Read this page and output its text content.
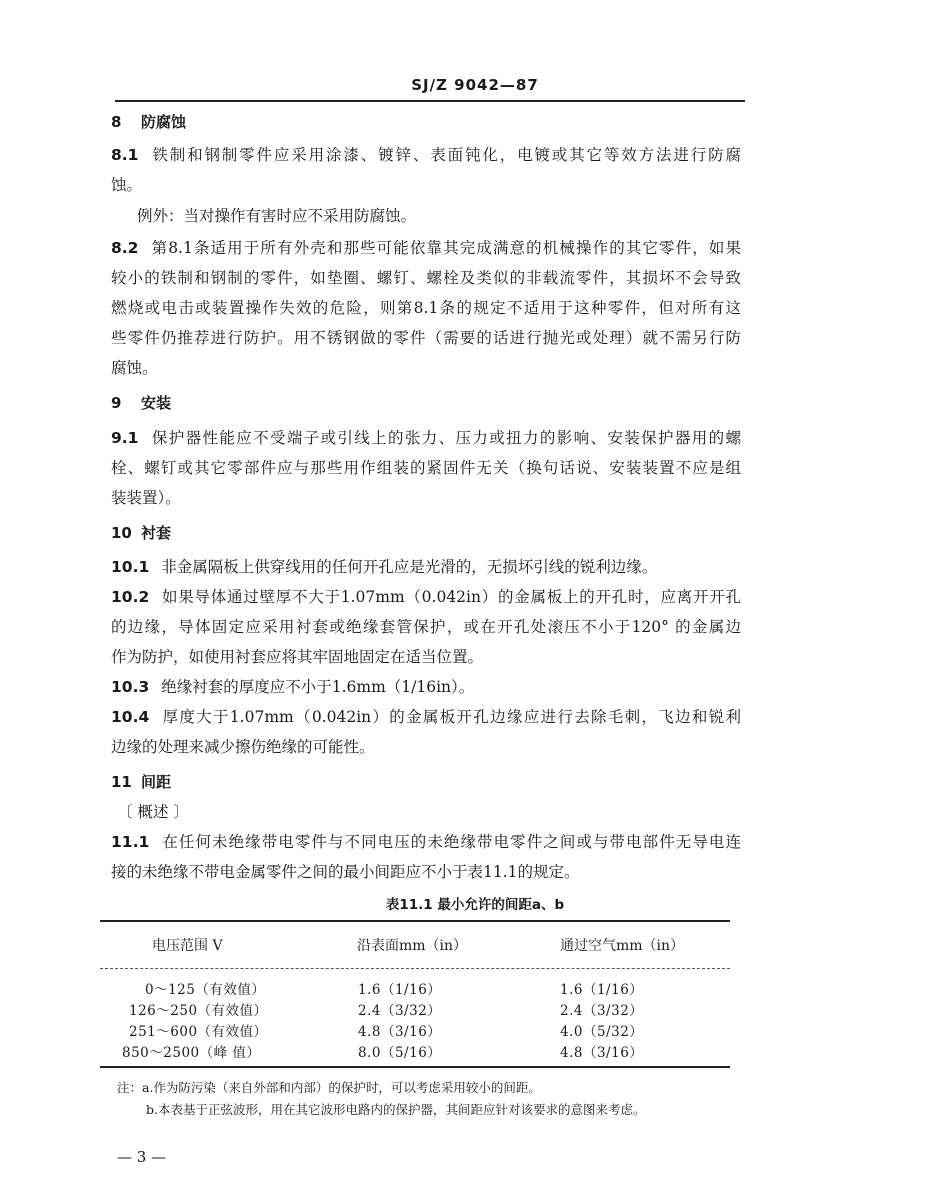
SJ/Z 9042—87
8 防腐蚀
8.1 铁制和钢制零件应采用涂漆、镀锌、表面钝化，电镀或其它等效方法进行防腐
蚀。
例外：当对操作有害时应不采用防腐蚀。
8.2 第8.1条适用于所有外壳和那些可能依靠其完成满意的机械操作的其它零件，如果
较小的铁制和钢制的零件，如垫圈、螺钉、螺栓及类似的非载流零件，其损坏不会导致
燃烧或电击或装置操作失效的危险，则第8.1条的规定不适用于这种零件，但对所有这
些零件仍推荐进行防护。用不锈钢做的零件（需要的话进行抛光或处理）就不需另行防
腐蚀。
9 安装
9.1 保护器性能应不受端子或引线上的张力、压力或扭力的影响、安装保护器用的螺
栓、螺钉或其它零部件应与那些用作组装的紧固件无关（换句话说、安装装置不应是组
装装置）。
10 衬套
10.1 非金属隔板上供穿线用的任何开孔应是光滑的，无损坏引线的锐利边缘。
10.2 如果导体通过壁厚不大于1.07mm（0.042in）的金属板上的开孔时，应离开开孔
的边缘，导体固定应采用衬套或绝缘套管保护，或在开孔处滚压不小于120° 的金属边
作为防护，如使用衬套应将其牢固地固定在适当位置。
10.3 绝缘衬套的厚度应不小于1.6mm（1/16in）。
10.4 厚度大于1.07mm（0.042in）的金属板开孔边缘应进行去除毛刺，飞边和锐利
边缘的处理来减少擦伤绝缘的可能性。
11 间距
〔 概述 〕
11.1 在任何未绝缘带电零件与不同电压的未绝缘带电零件之间或与带电部件无导电连
接的未绝缘不带电金属零件之间的最小间距应不小于表11.1的规定。
表11.1 最小允许的间距a、b
电压范围 V	沿表面mm（in）	通过空气mm（in）
0～125（有效值）	1.6（1/16）	1.6（1/16）
126～250（有效值）	2.4（3/32）	2.4（3/32）
251～600（有效值）	4.8（3/16）	4.0（5/32）
850～2500（峰 值）	8.0（5/16）	4.8（3/16）
注：a.作为防污染（来自外部和内部）的保护时，可以考虑采用较小的间距。
b.本表基于正弦波形，用在其它波形电路内的保护器，其间距应针对该要求的意图来考虑。
— 3 —
